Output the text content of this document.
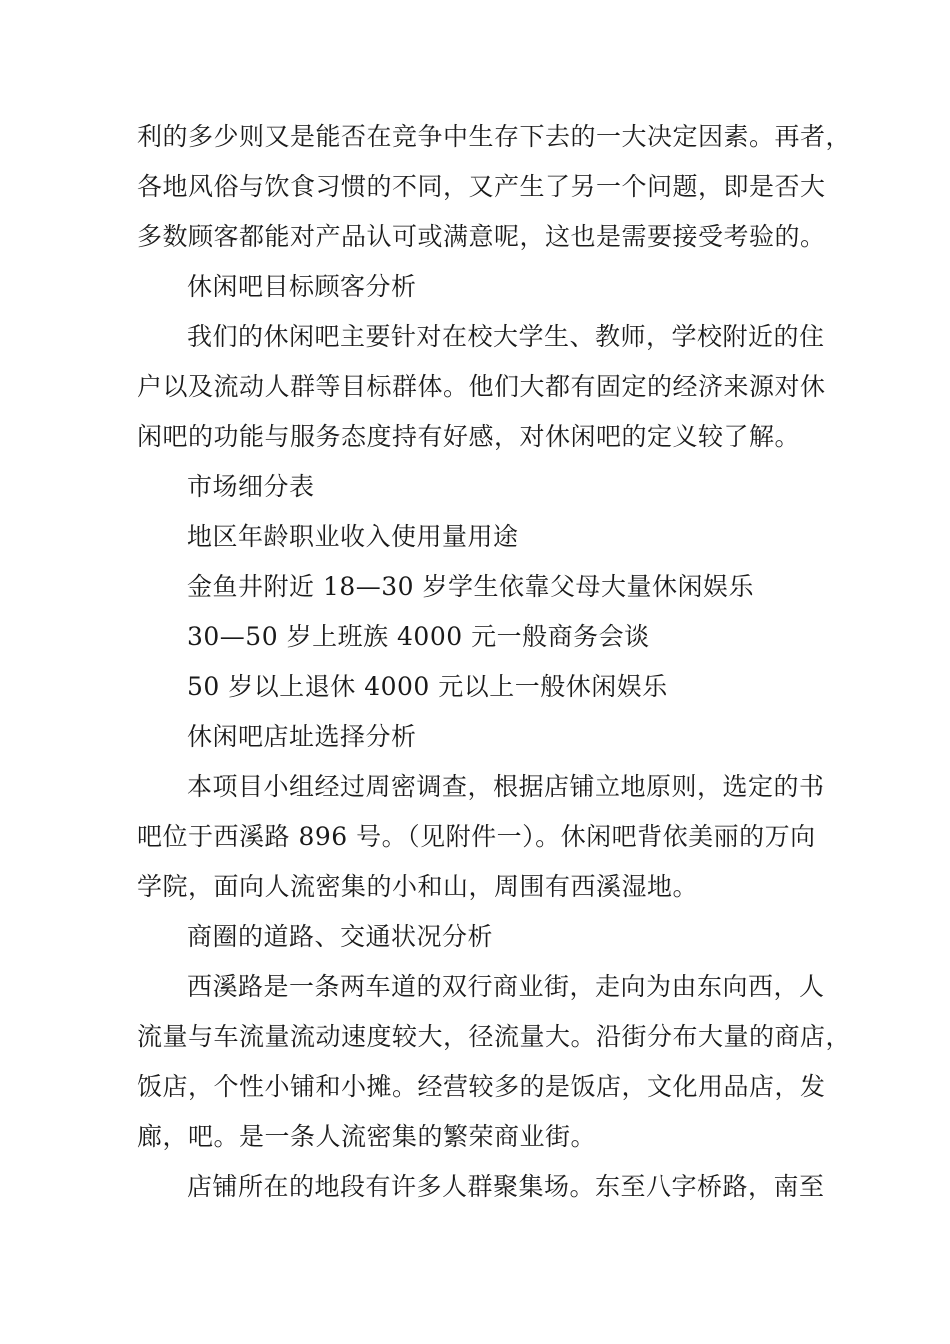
利的多少则又是能否在竞争中生存下去的一大决定因素。再者，
各地风俗与饮食习惯的不同，又产生了另一个问题，即是否大
多数顾客都能对产品认可或满意呢，这也是需要接受考验的。
休闲吧目标顾客分析
我们的休闲吧主要针对在校大学生、教师，学校附近的住
户以及流动人群等目标群体。他们大都有固定的经济来源对休
闲吧的功能与服务态度持有好感，对休闲吧的定义较了解。
市场细分表
地区年龄职业收入使用量用途
金鱼井附近 18—30 岁学生依靠父母大量休闲娱乐
30—50 岁上班族 4000 元一般商务会谈
50 岁以上退休 4000 元以上一般休闲娱乐
休闲吧店址选择分析
本项目小组经过周密调查，根据店铺立地原则，选定的书
吧位于西溪路 896 号。（见附件一）。休闲吧背依美丽的万向
学院，面向人流密集的小和山，周围有西溪湿地。
商圈的道路、交通状况分析
西溪路是一条两车道的双行商业街，走向为由东向西，人
流量与车流量流动速度较大，径流量大。沿街分布大量的商店，
饭店，个性小铺和小摊。经营较多的是饭店，文化用品店，发
廊，吧。是一条人流密集的繁荣商业街。
店铺所在的地段有许多人群聚集场。东至八字桥路，南至
